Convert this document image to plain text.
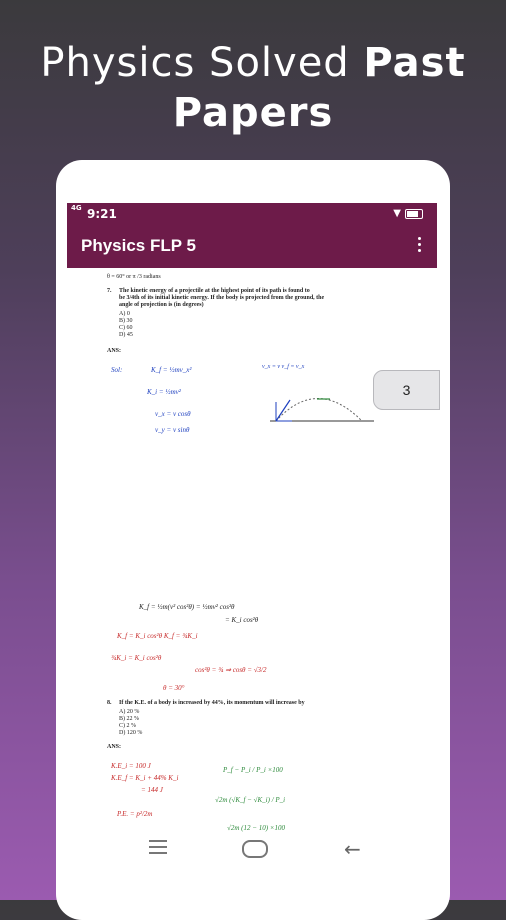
Physics Solved Past
Papers
4G 9:21	▼
Physics FLP 5
θ = 60° or π /3 radians
7. The kinetic energy of a projectile at the highest point of its path is found to
be 3/4th of its initial kinetic energy. If the body is projected from the ground, the
angle of projection is (in degrees)
A) 0
B) 30
C) 60
D) 45
ANS:
Sol:	K_f = ½mv_x²
K_i = ½mv²
v_x = v cosθ
v_y = v sinθ
v_x = v v_f = v_x
K_f = ½m(v² cos²θ) = ½mv² cos²θ
= K_i cos²θ
K_f = K_i cos²θ K_f = ¾K_i
¾K_i = K_i cos²θ
cos²θ = ¾ ⇒ cosθ = √3/2
θ = 30°
8. If the K.E. of a body is increased by 44%, its momentum will increase by
A) 20 %
B) 22 %
C) 2 %
D) 120 %
ANS:
K.E_i = 100 J
K.E_f = K_i + 44% K_i
= 144 J
P_f − P_i / P_i ×100
√2m (√K_f − √K_i) / P_i
P.E. = p²/2m
√2m (12 − 10) ×100
3
←
